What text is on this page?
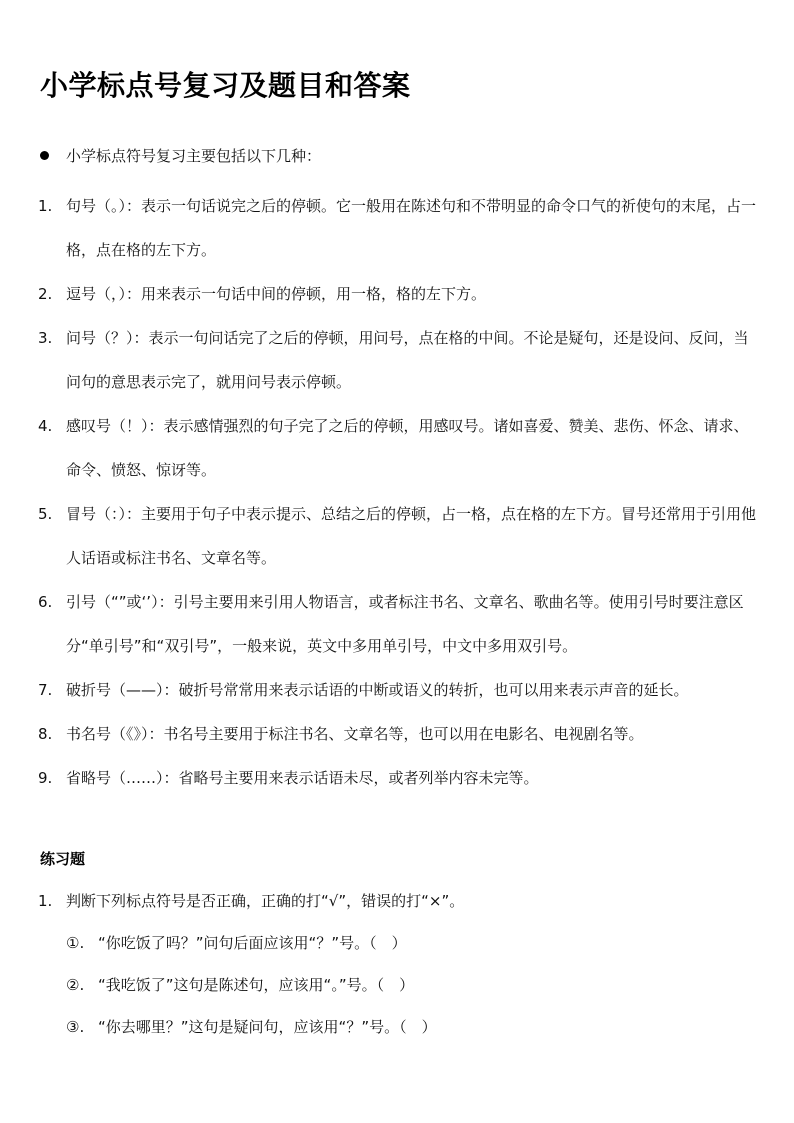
小学标点号复习及题目和答案
小学标点符号复习主要包括以下几种：
1. 句号（。）：表示一句话说完之后的停顿。它一般用在陈述句和不带明显的命令口气的祈使句的末尾，占一格，点在格的左下方。
2. 逗号（，）：用来表示一句话中间的停顿，用一格，格的左下方。
3. 问号（？）：表示一句问话完了之后的停顿，用问号，点在格的中间。不论是疑句，还是设问、反问，当问句的意思表示完了，就用问号表示停顿。
4. 感叹号（！）：表示感情强烈的句子完了之后的停顿，用感叹号。诸如喜爱、赞美、悲伤、怀念、请求、命令、愤怒、惊讶等。
5. 冒号（：）：主要用于句子中表示提示、总结之后的停顿，占一格，点在格的左下方。冒号还常用于引用他人话语或标注书名、文章名等。
6. 引号（“”或‘’）：引号主要用来引用人物语言，或者标注书名、文章名、歌曲名等。使用引号时要注意区分“单引号”和“双引号”，一般来说，英文中多用单引号，中文中多用双引号。
7. 破折号（——）：破折号常常用来表示话语的中断或语义的转折，也可以用来表示声音的延长。
8. 书名号（《》）：书名号主要用于标注书名、文章名等，也可以用在电影名、电视剧名等。
9. 省略号（……）：省略号主要用来表示话语未尽，或者列举内容未完等。
练习题
1. 判断下列标点符号是否正确，正确的打“√”，错误的打“×”。
①. “你吃饭了吗？”问句后面应该用“？”号。（　）
②. “我吃饭了”这句是陈述句，应该用“。”号。（　）
③. “你去哪里？”这句是疑问句，应该用“？”号。（　）
